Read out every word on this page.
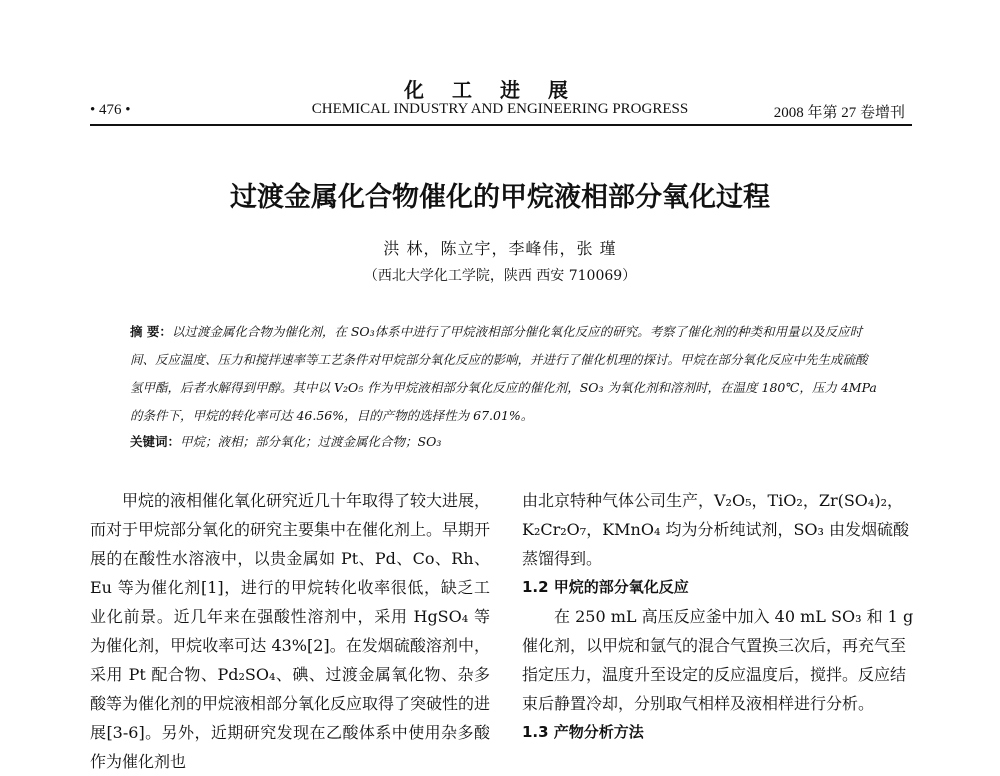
化工进展
• 476 •	CHEMICAL INDUSTRY AND ENGINEERING PROGRESS	2008 年第 27 卷增刊
过渡金属化合物催化的甲烷液相部分氧化过程
洪 林，陈立宇，李峰伟，张 瑾
（西北大学化工学院，陕西 西安 710069）
摘 要：以过渡金属化合物为催化剂，在 SO₃体系中进行了甲烷液相部分催化氧化反应的研究。考察了催化剂的种类和用量以及反应时间、反应温度、压力和搅拌速率等工艺条件对甲烷部分氧化反应的影响，并进行了催化机理的探讨。甲烷在部分氧化反应中先生成硫酸氢甲酯，后者水解得到甲醇。其中以 V₂O₅ 作为甲烷液相部分氧化反应的催化剂，SO₃ 为氧化剂和溶剂时，在温度 180℃，压力 4MPa 的条件下，甲烷的转化率可达 46.56%，目的产物的选择性为 67.01%。
关键词：甲烷；液相；部分氧化；过渡金属化合物；SO₃

甲烷的液相催化氧化研究近几十年取得了较大进展，而对于甲烷部分氧化的研究主要集中在催化剂上。早期开展的在酸性水溶液中，以贵金属如 Pt、Pd、Co、Rh、Eu 等为催化剂[1]，进行的甲烷转化收率很低，缺乏工业化前景。近几年来在强酸性溶剂中，采用 HgSO₄ 等为催化剂，甲烷收率可达 43%[2]。在发烟硫酸溶剂中，采用 Pt 配合物、Pd₂SO₄、碘、过渡金属氧化物、杂多酸等为催化剂的甲烷液相部分氧化反应取得了突破性的进展[3-6]。另外，近期研究发现在乙酸体系中使用杂多酸作为催化剂也

由北京特种气体公司生产，V₂O₅，TiO₂，Zr(SO₄)₂，K₂Cr₂O₇，KMnO₄ 均为分析纯试剂，SO₃ 由发烟硫酸蒸馏得到。

1.2 甲烷的部分氧化反应

在 250 mL 高压反应釜中加入 40 mL SO₃ 和 1 g 催化剂，以甲烷和氩气的混合气置换三次后，再充气至指定压力，温度升至设定的反应温度后，搅拌。反应结束后静置冷却，分别取气相样及液相样进行分析。

1.3 产物分析方法
